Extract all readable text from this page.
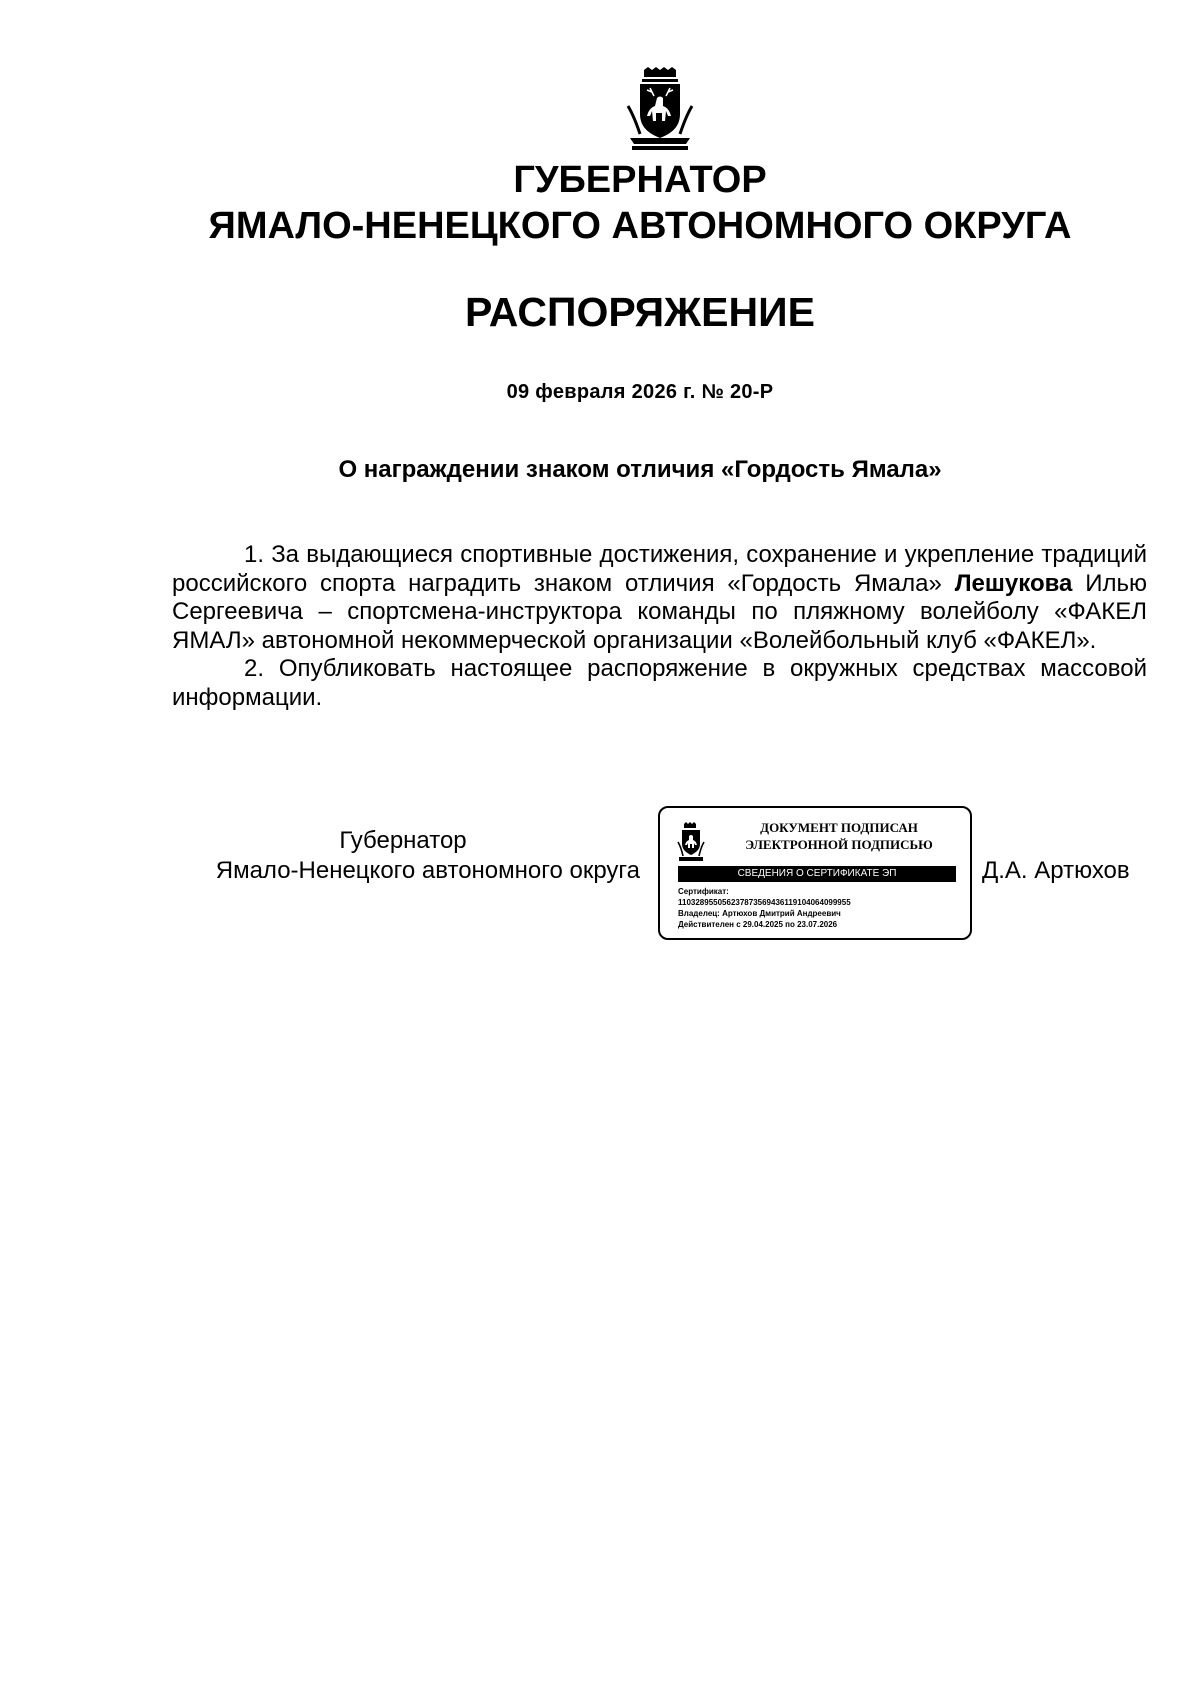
ГУБЕРНАТОР
ЯМАЛО-НЕНЕЦКОГО АВТОНОМНОГО ОКРУГА
РАСПОРЯЖЕНИЕ
09 февраля 2026 г. № 20-Р
О награждении знаком отличия «Гордость Ямала»

1. За выдающиеся спортивные достижения, сохранение и укрепление традиций российского спорта наградить знаком отличия «Гордость Ямала» Лешукова Илью Сергеевича – спортсмена-инструктора команды по пляжному волейболу «ФАКЕЛ ЯМАЛ» автономной некоммерческой организации «Волейбольный клуб «ФАКЕЛ».

2. Опубликовать настоящее распоряжение в окружных средствах массовой информации.

Губернатор
Ямало-Ненецкого автономного округа
ДОКУМЕНТ ПОДПИСАН
ЭЛЕКТРОННОЙ ПОДПИСЬЮ
СВЕДЕНИЯ О СЕРТИФИКАТЕ ЭП
Сертификат:
110328955056237873569436119104064099955
Владелец: Артюхов Дмитрий Андреевич
Действителен с 29.04.2025 по 23.07.2026
Д.А. Артюхов
